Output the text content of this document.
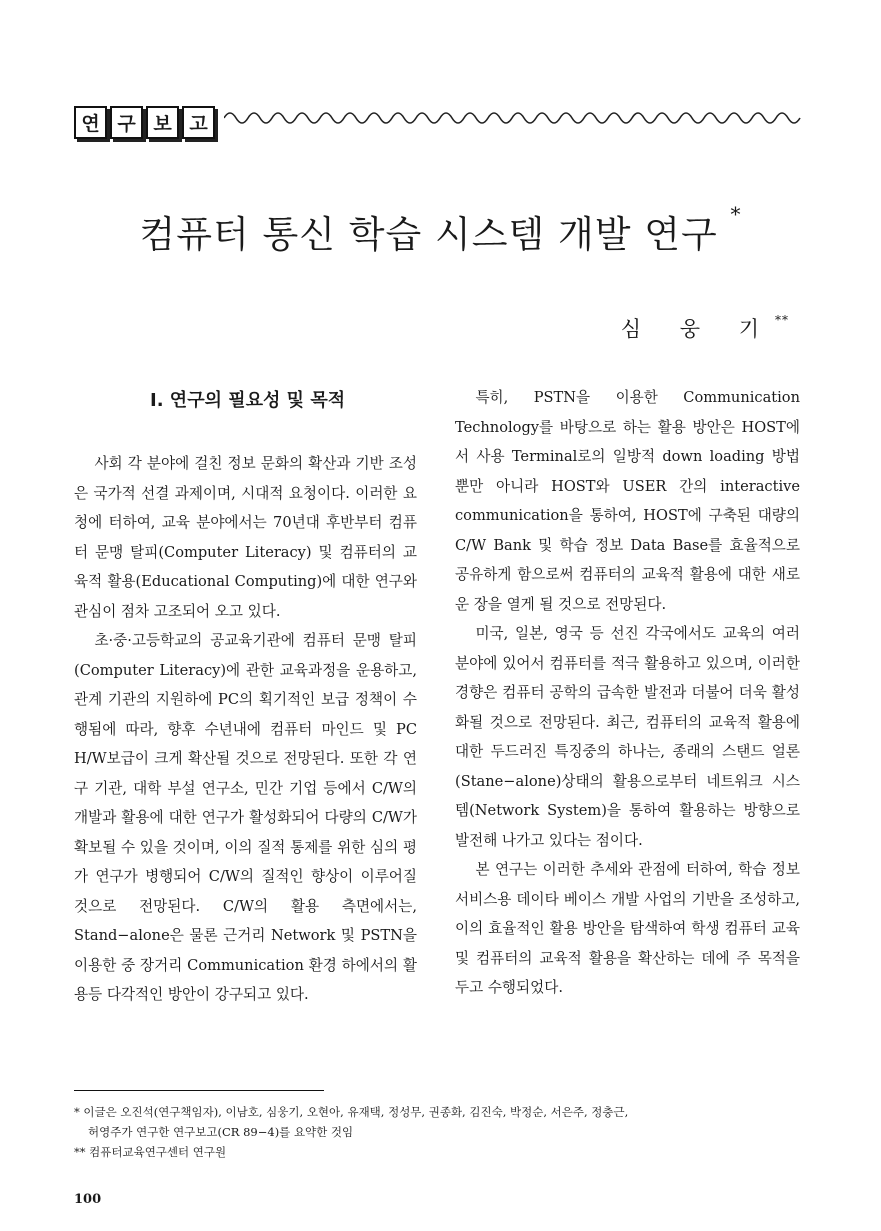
연 구 보 고
컴퓨터 통신 학습 시스템 개발 연구 *
심 웅 기**
I. 연구의 필요성 및 목적

사회 각 분야에 걸친 정보 문화의 확산과 기반 조성은 국가적 선결 과제이며, 시대적 요청이다. 이러한 요청에 터하여, 교육 분야에서는 70년대 후반부터 컴퓨터 문맹 탈피(Computer Literacy) 및 컴퓨터의 교육적 활용(Educational Computing)에 대한 연구와 관심이 점차 고조되어 오고 있다.

초·중·고등학교의 공교육기관에 컴퓨터 문맹 탈피(Computer Literacy)에 관한 교육과정을 운용하고, 관계 기관의 지원하에 PC의 획기적인 보급 정책이 수행됨에 따라, 향후 수년내에 컴퓨터 마인드 및 PC H/W보급이 크게 확산될 것으로 전망된다. 또한 각 연구 기관, 대학 부설 연구소, 민간 기업 등에서 C/W의 개발과 활용에 대한 연구가 활성화되어 다량의 C/W가 확보될 수 있을 것이며, 이의 질적 통제를 위한 심의 평가 연구가 병행되어 C/W의 질적인 향상이 이루어질 것으로 전망된다. C/W의 활용 측면에서는, Stand−alone은 물론 근거리 Network 및 PSTN을 이용한 중 장거리 Communication 환경 하에서의 활용등 다각적인 방안이 강구되고 있다.

특히, PSTN을 이용한 Communication Technology를 바탕으로 하는 활용 방안은 HOST에서 사용 Terminal로의 일방적 down loading 방법 뿐만 아니라 HOST와 USER 간의 interactive communication을 통하여, HOST에 구축된 대량의 C/W Bank 및 학습 정보 Data Base를 효율적으로 공유하게 함으로써 컴퓨터의 교육적 활용에 대한 새로운 장을 열게 될 것으로 전망된다.

미국, 일본, 영국 등 선진 각국에서도 교육의 여러 분야에 있어서 컴퓨터를 적극 활용하고 있으며, 이러한 경향은 컴퓨터 공학의 급속한 발전과 더불어 더욱 활성화될 것으로 전망된다. 최근, 컴퓨터의 교육적 활용에 대한 두드러진 특징중의 하나는, 종래의 스탠드 얼론(Stane−alone)상태의 활용으로부터 네트워크 시스템(Network System)을 통하여 활용하는 방향으로 발전해 나가고 있다는 점이다.

본 연구는 이러한 추세와 관점에 터하여, 학습 정보 서비스용 데이타 베이스 개발 사업의 기반을 조성하고, 이의 효율적인 활용 방안을 탐색하여 학생 컴퓨터 교육 및 컴퓨터의 교육적 활용을 확산하는 데에 주 목적을 두고 수행되었다.

* 이글은 오진석(연구책임자), 이남호, 심웅기, 오현아, 유재택, 정성무, 권종화, 김진숙, 박정순, 서은주, 정충근,
허영주가 연구한 연구보고(CR 89−4)를 요약한 것임
** 컴퓨터교육연구센터 연구원
100
